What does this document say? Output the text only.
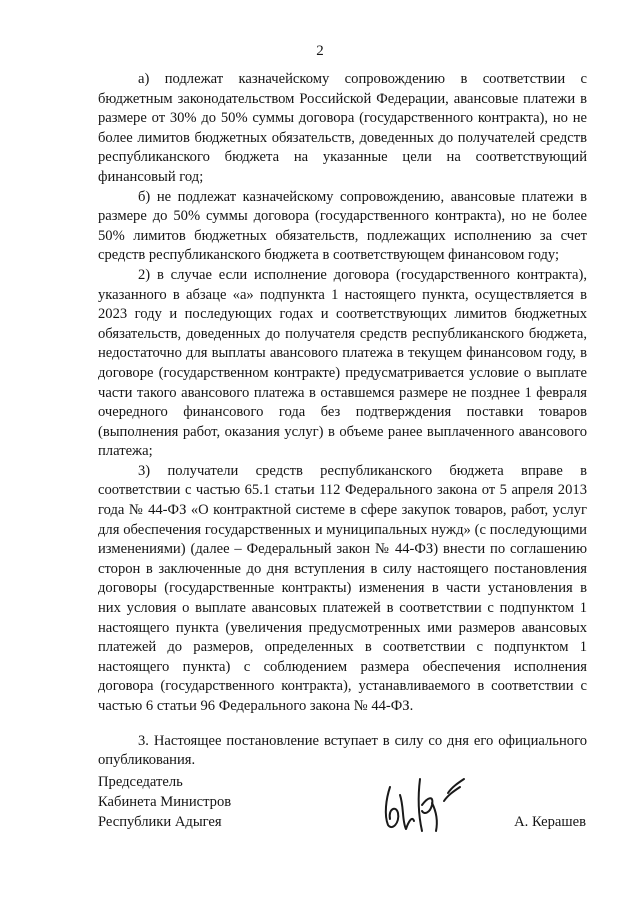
2

а) подлежат казначейскому сопровождению в соответствии с бюджетным законодательством Российской Федерации, авансовые платежи в размере от 30% до 50% суммы договора (государственного контракта), но не более лимитов бюджетных обязательств, доведенных до получателей средств республиканского бюджета на указанные цели на соответствующий финансовый год;

б) не подлежат казначейскому сопровождению, авансовые платежи в размере до 50% суммы договора (государственного контракта), но не более 50% лимитов бюджетных обязательств, подлежащих исполнению за счет средств республиканского бюджета в соответствующем финансовом году;

2) в случае если исполнение договора (государственного контракта), указанного в абзаце «а» подпункта 1 настоящего пункта, осуществляется в 2023 году и последующих годах и соответствующих лимитов бюджетных обязательств, доведенных до получателя средств республиканского бюджета, недостаточно для выплаты авансового платежа в текущем финансовом году, в договоре (государственном контракте) предусматривается условие о выплате части такого авансового платежа в оставшемся размере не позднее 1 февраля очередного финансового года без подтверждения поставки товаров (выполнения работ, оказания услуг) в объеме ранее выплаченного авансового платежа;

3) получатели средств республиканского бюджета вправе в соответствии с частью 65.1 статьи 112 Федерального закона от 5 апреля 2013 года № 44-ФЗ «О контрактной системе в сфере закупок товаров, работ, услуг для обеспечения государственных и муниципальных нужд» (с последующими изменениями) (далее – Федеральный закон № 44-ФЗ) внести по соглашению сторон в заключенные до дня вступления в силу настоящего постановления договоры (государственные контракты) изменения в части установления в них условия о выплате авансовых платежей в соответствии с подпунктом 1 настоящего пункта (увеличения предусмотренных ими размеров авансовых платежей до размеров, определенных в соответствии с подпунктом 1 настоящего пункта) с соблюдением размера обеспечения исполнения договора (государственного контракта), устанавливаемого в соответствии с частью 6 статьи 96 Федерального закона № 44-ФЗ.

3. Настоящее постановление вступает в силу со дня его официального опубликования.

Председатель
Кабинета Министров
Республики Адыгея	А. Керашев
